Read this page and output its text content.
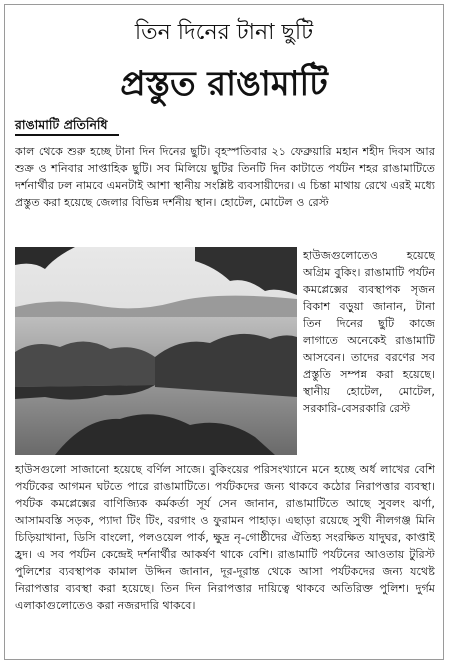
তিন দিনের টানা ছুটি
প্রস্তুত রাঙামাটি
রাঙামাটি প্রতিনিধি
কাল থেকে শুরু হচ্ছে টানা দিন দিনের ছুটি। বৃহস্পতিবার ২১ ফেব্রুয়ারি মহান শহীদ দিবস আর শুক্র ও শনিবার সাপ্তাহিক ছুটি। সব মিলিয়ে ছুটির তিনটি দিন কাটাতে পর্যটন শহর রাঙামাটিতে দর্শনার্থীর ঢল নামবে এমনটাই আশা স্থানীয় সংশ্লিষ্ট ব্যবসায়ীদের। এ চিন্তা মাথায় রেখে এরই মধ্যে প্রস্তুত করা হয়েছে জেলার বিভিন্ন দর্শনীয় স্থান। হোটেল, মোটেল ও রেস্ট
হাউজগুলোতেও হয়েছে অগ্রিম বুকিং। রাঙামাটি পর্যটন কমপ্লেক্সের ব্যবস্থাপক সৃজন বিকাশ বড়ুয়া জানান, টানা তিন দিনের ছুটি কাজে লাগাতে অনেকেই রাঙামাটি আসবেন। তাদের বরণের সব প্রস্তুতি সম্পন্ন করা হয়েছে। স্থানীয় হোটেল, মোটেল, সরকারি-বেসরকারি রেস্ট
হাউসগুলো সাজানো হয়েছে বর্ণিল সাজে। বুকিংয়ের পরিসংখ্যানে মনে হচ্ছে অর্ধ লাখের বেশি পর্যটকের আগমন ঘটতে পারে রাঙামাটিতে। পর্যটকদের জন্য থাকবে কঠোর নিরাপত্তার ব্যবস্থা। পর্যটক কমপ্লেক্সের বাণিজ্যিক কর্মকর্তা সূর্য সেন জানান, রাঙামাটিতে আছে সুবলং ঝর্ণা, আসামবস্তি সড়ক, প্যাদা টিং টিং, বরগাং ও ফুরামন পাহাড়। এছাড়া রয়েছে সুখী নীলগঞ্জ মিনি চিড়িয়াখানা, ডিসি বাংলো, পলওয়েল পার্ক, ক্ষুদ্র নৃ-গোষ্ঠীদের ঐতিহ্য সংরক্ষিত যাদুঘর, কাপ্তাই হ্রদ। এ সব পর্যটন কেন্দ্রেই দর্শনার্থীর আকর্ষণ থাকে বেশি। রাঙামাটি পর্যটনের আওতায় টুরিস্ট পুলিশের ব্যবস্থাপক কামাল উদ্দিন জানান, দূর-দূরান্ত থেকে আসা পর্যটকদের জন্য যথেষ্ট নিরাপত্তার ব্যবস্থা করা হয়েছে। তিন দিন নিরাপত্তার দায়িত্বে থাকবে অতিরিক্ত পুলিশ। দুর্গম এলাকাগুলোতেও করা নজরদারি থাকবে।
